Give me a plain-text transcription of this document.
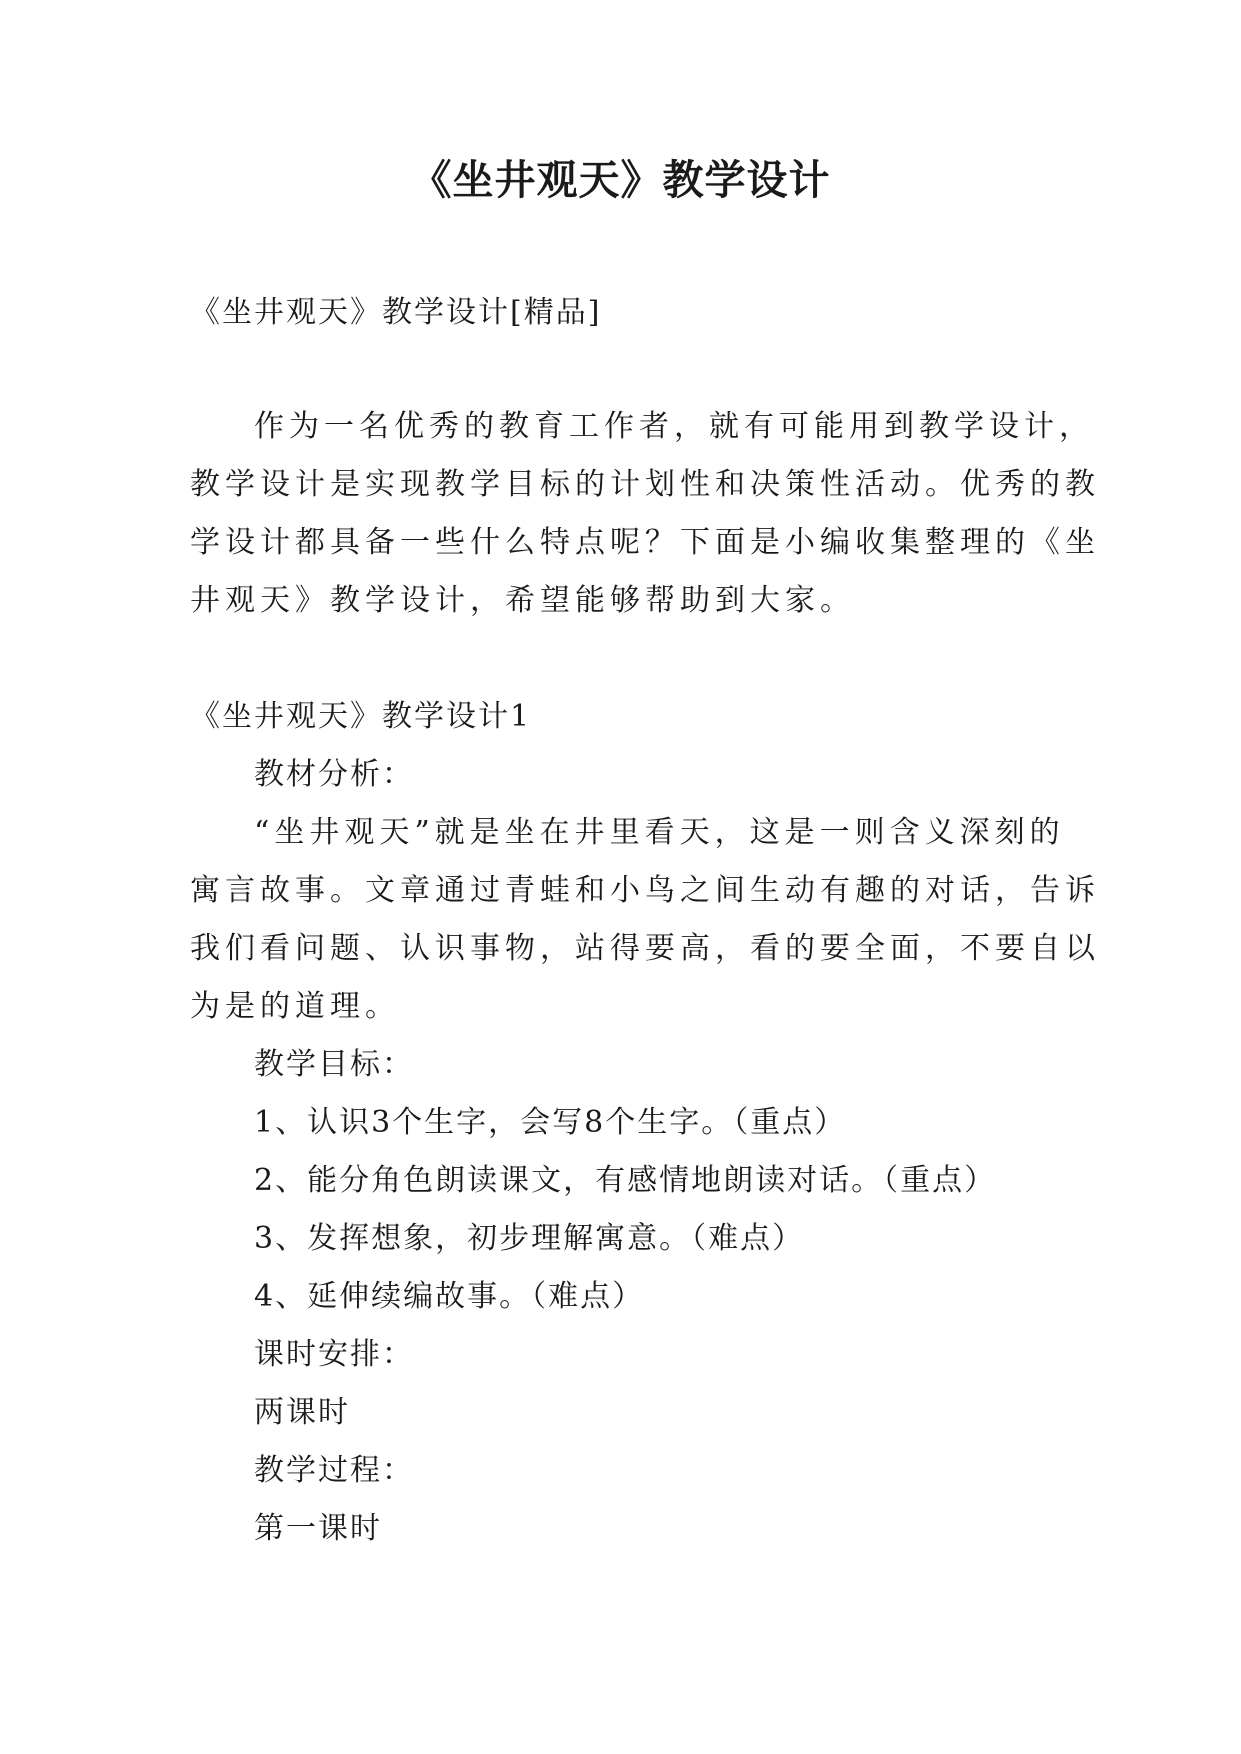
《坐井观天》教学设计

《坐井观天》教学设计[精品]

作为一名优秀的教育工作者，就有可能用到教学设计，

教学设计是实现教学目标的计划性和决策性活动。优秀的教

学设计都具备一些什么特点呢？下面是小编收集整理的《坐

井观天》教学设计，希望能够帮助到大家。

《坐井观天》教学设计1

教材分析：

“坐井观天”就是坐在井里看天，这是一则含义深刻的

寓言故事。文章通过青蛙和小鸟之间生动有趣的对话，告诉

我们看问题、认识事物，站得要高，看的要全面，不要自以

为是的道理。

教学目标：

1、认识3个生字，会写8个生字。（重点）

2、能分角色朗读课文，有感情地朗读对话。（重点）

3、发挥想象，初步理解寓意。（难点）

4、延伸续编故事。（难点）

课时安排：

两课时

教学过程：

第一课时
